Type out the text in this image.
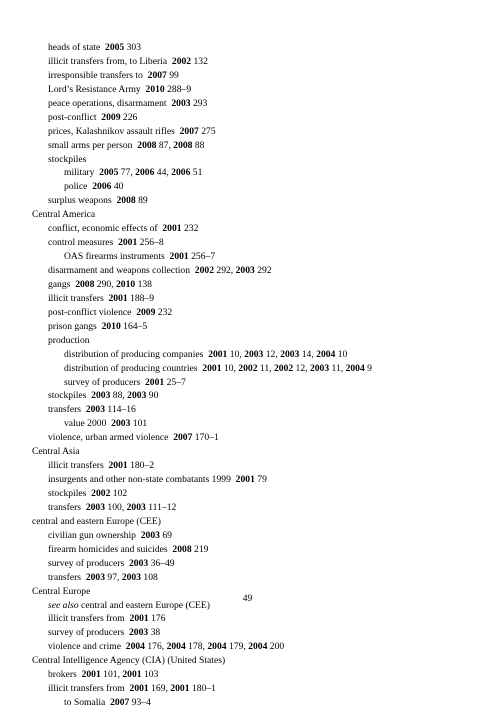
heads of state  2005 303
illicit transfers from, to Liberia  2002 132
irresponsible transfers to  2007 99
Lord’s Resistance Army  2010 288–9
peace operations, disarmament  2003 293
post-conflict  2009 226
prices, Kalashnikov assault rifles  2007 275
small arms per person  2008 87, 2008 88
stockpiles
military  2005 77, 2006 44, 2006 51
police  2006 40
surplus weapons  2008 89
Central America
conflict, economic effects of  2001 232
control measures  2001 256–8
OAS firearms instruments  2001 256–7
disarmament and weapons collection  2002 292, 2003 292
gangs  2008 290, 2010 138
illicit transfers  2001 188–9
post-conflict violence  2009 232
prison gangs  2010 164–5
production
distribution of producing companies  2001 10, 2003 12, 2003 14, 2004 10
distribution of producing countries  2001 10, 2002 11, 2002 12, 2003 11, 2004 9
survey of producers  2001 25–7
stockpiles  2003 88, 2003 90
transfers  2003 114–16
value 2000  2003 101
violence, urban armed violence  2007 170–1
Central Asia
illicit transfers  2001 180–2
insurgents and other non-state combatants 1999  2001 79
stockpiles  2002 102
transfers  2003 100, 2003 111–12
central and eastern Europe (CEE)
civilian gun ownership  2003 69
firearm homicides and suicides  2008 219
survey of producers  2003 36–49
transfers  2003 97, 2003 108
Central Europe
see also central and eastern Europe (CEE)
illicit transfers from  2001 176
survey of producers  2003 38
violence and crime  2004 176, 2004 178, 2004 179, 2004 200
Central Intelligence Agency (CIA) (United States)
brokers  2001 101, 2001 103
illicit transfers from  2001 169, 2001 180–1
to Somalia  2007 93–4
49
